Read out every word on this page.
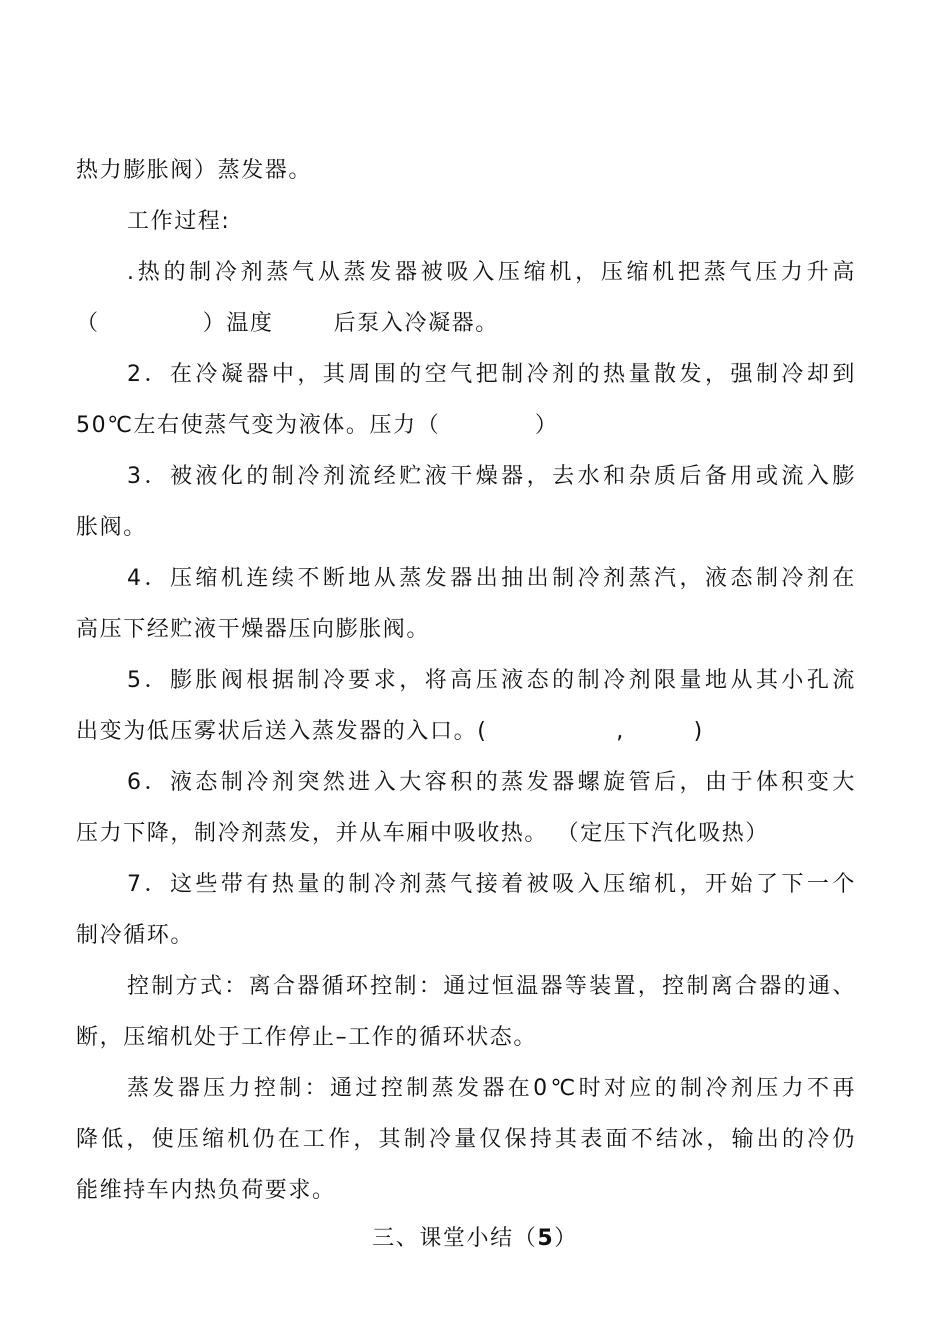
热力膨胀阀）蒸发器。
工作过程:
.热的制冷剂蒸气从蒸发器被吸入压缩机，压缩机把蒸气压力升高
（            ）温度       后泵入冷凝器。
2．在冷凝器中，其周围的空气把制冷剂的热量散发，强制冷却到
50℃左右使蒸气变为液体。压力（           ）
3．被液化的制冷剂流经贮液干燥器，去水和杂质后备用或流入膨
胀阀。
4．压缩机连续不断地从蒸发器出抽出制冷剂蒸汽，液态制冷剂在
高压下经贮液干燥器压向膨胀阀。
5．膨胀阀根据制冷要求，将高压液态的制冷剂限量地从其小孔流
出变为低压雾状后送入蒸发器的入口。(               ,        )
6．液态制冷剂突然进入大容积的蒸发器螺旋管后，由于体积变大
压力下降，制冷剂蒸发，并从车厢中吸收热。 （定压下汽化吸热）
7．这些带有热量的制冷剂蒸气接着被吸入压缩机，开始了下一个
制冷循环。
控制方式：离合器循环控制：通过恒温器等装置，控制离合器的通、
断，压缩机处于工作停止–工作的循环状态。
蒸发器压力控制：通过控制蒸发器在0℃时对应的制冷剂压力不再
降低，使压缩机仍在工作，其制冷量仅保持其表面不结冰，输出的冷仍
能维持车内热负荷要求。
三、课堂小结（5）
